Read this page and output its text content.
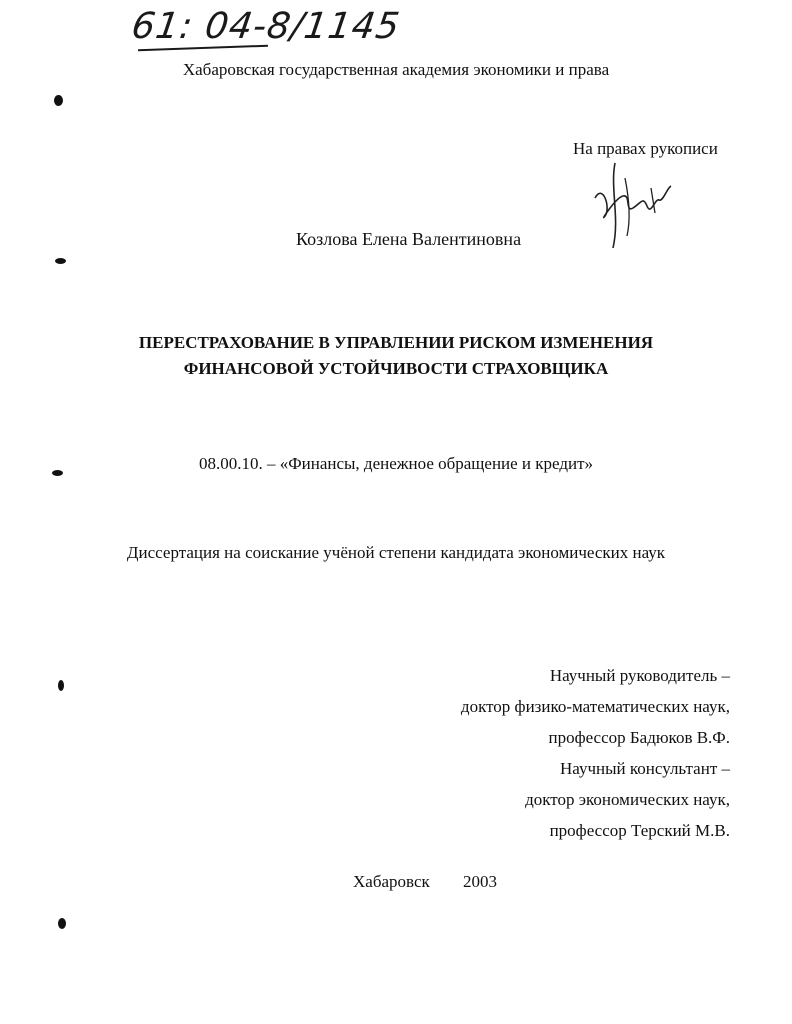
61: 04-8/1145
Хабаровская государственная академия экономики и права
На правах рукописи
Козлова Елена Валентиновна
ПЕРЕСТРАХОВАНИЕ В УПРАВЛЕНИИ РИСКОМ ИЗМЕНЕНИЯ
ФИНАНСОВОЙ УСТОЙЧИВОСТИ СТРАХОВЩИКА
08.00.10. – «Финансы, денежное обращение и кредит»
Диссертация на соискание учёной степени кандидата экономических наук
Научный руководитель –
доктор физико-математических наук,
профессор Бадюков В.Ф.
Научный консультант –
доктор экономических наук,
профессор Терский М.В.
Хабаровск 2003
